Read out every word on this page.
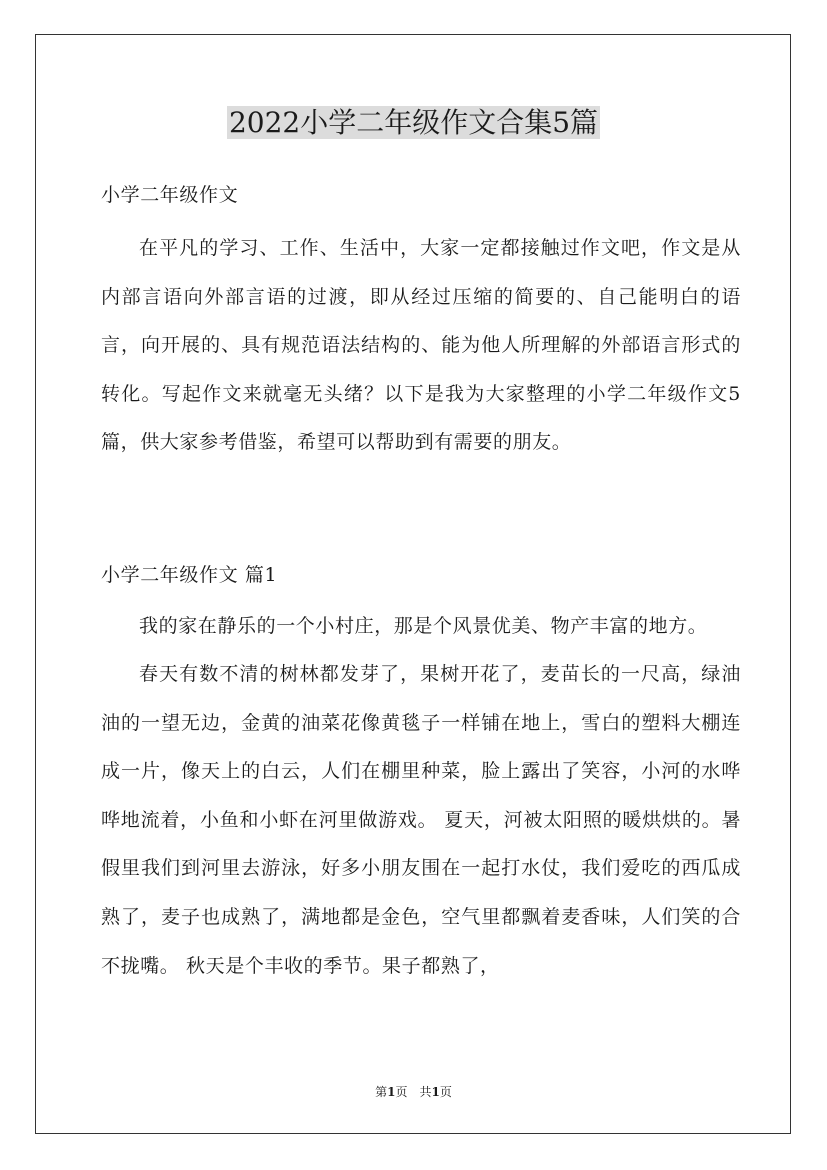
2022小学二年级作文合集5篇

小学二年级作文

在平凡的学习、工作、生活中，大家一定都接触过作文吧，作文是从内部言语向外部言语的过渡，即从经过压缩的简要的、自己能明白的语言，向开展的、具有规范语法结构的、能为他人所理解的外部语言形式的转化。写起作文来就毫无头绪？以下是我为大家整理的小学二年级作文5篇，供大家参考借鉴，希望可以帮助到有需要的朋友。

小学二年级作文 篇1

我的家在静乐的一个小村庄，那是个风景优美、物产丰富的地方。

春天有数不清的树林都发芽了，果树开花了，麦苗长的一尺高，绿油油的一望无边，金黄的油菜花像黄毯子一样铺在地上，雪白的塑料大棚连成一片，像天上的白云，人们在棚里种菜，脸上露出了笑容，小河的水哗哗地流着，小鱼和小虾在河里做游戏。 夏天，河被太阳照的暖烘烘的。暑假里我们到河里去游泳，好多小朋友围在一起打水仗，我们爱吃的西瓜成熟了，麦子也成熟了，满地都是金色，空气里都飘着麦香味，人们笑的合不拢嘴。 秋天是个丰收的季节。果子都熟了，

第1页 共1页
